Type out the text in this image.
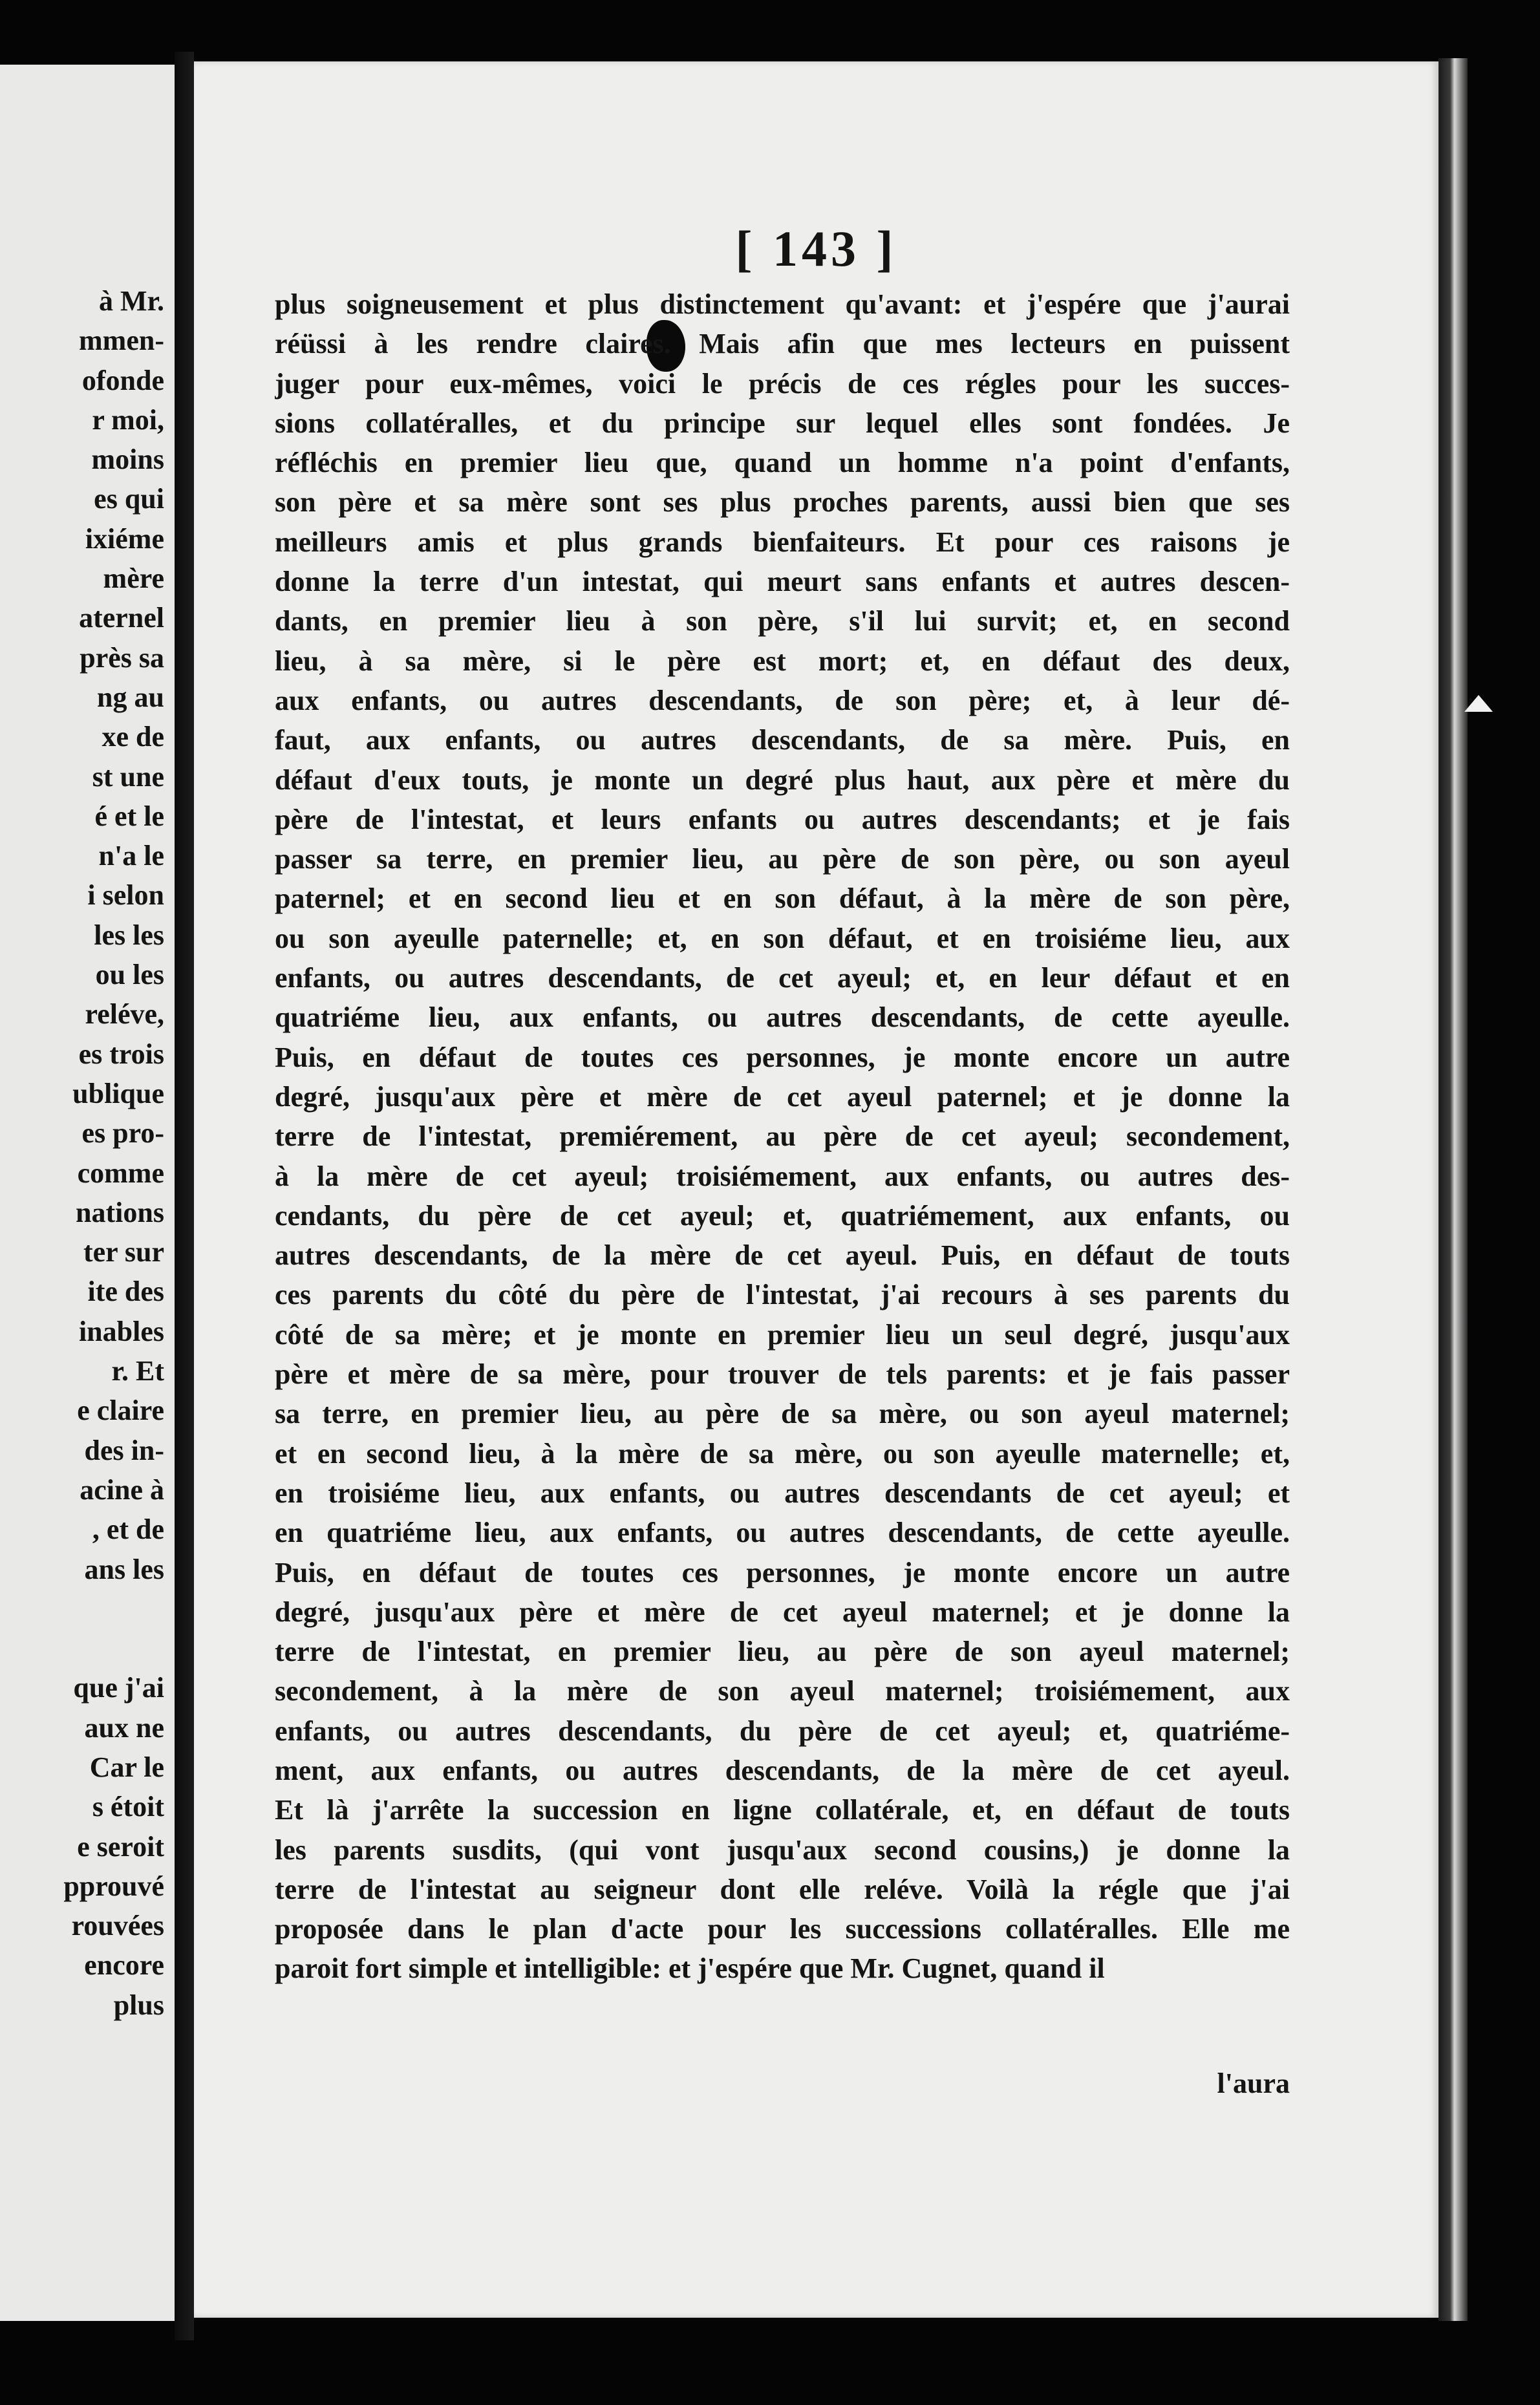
à Mr.
mmen-
ofonde
r moi,
moins
es qui
ixiéme
mère
aternel
près sa
ng au
xe de
st une
é et le
n'a le
i selon
les les
ou les
reléve,
es trois
ublique
es pro-
comme
nations
ter sur
ite des
inables
r. Et
e claire
des in-
acine à
, et de
ans les
que j'ai
aux ne
Car le
s étoit
e seroit
pprouvé
rouvées
encore
plus
[ 143 ]
plus soigneusement et plus distinctement qu'avant: et j'espére que j'aurai
réüssi à les rendre claires. Mais afin que mes lecteurs en puissent
juger pour eux-mêmes, voici le précis de ces régles pour les succes-
sions collatéralles, et du principe sur lequel elles sont fondées. Je
réfléchis en premier lieu que, quand un homme n'a point d'enfants,
son père et sa mère sont ses plus proches parents, aussi bien que ses
meilleurs amis et plus grands bienfaiteurs. Et pour ces raisons je
donne la terre d'un intestat, qui meurt sans enfants et autres descen-
dants, en premier lieu à son père, s'il lui survit; et, en second
lieu, à sa mère, si le père est mort; et, en défaut des deux,
aux enfants, ou autres descendants, de son père; et, à leur dé-
faut, aux enfants, ou autres descendants, de sa mère. Puis, en
défaut d'eux touts, je monte un degré plus haut, aux père et mère du
père de l'intestat, et leurs enfants ou autres descendants; et je fais
passer sa terre, en premier lieu, au père de son père, ou son ayeul
paternel; et en second lieu et en son défaut, à la mère de son père,
ou son ayeulle paternelle; et, en son défaut, et en troisiéme lieu, aux
enfants, ou autres descendants, de cet ayeul; et, en leur défaut et en
quatriéme lieu, aux enfants, ou autres descendants, de cette ayeulle.
Puis, en défaut de toutes ces personnes, je monte encore un autre
degré, jusqu'aux père et mère de cet ayeul paternel; et je donne la
terre de l'intestat, premiérement, au père de cet ayeul; secondement,
à la mère de cet ayeul; troisiémement, aux enfants, ou autres des-
cendants, du père de cet ayeul; et, quatriémement, aux enfants, ou
autres descendants, de la mère de cet ayeul. Puis, en défaut de touts
ces parents du côté du père de l'intestat, j'ai recours à ses parents du
côté de sa mère; et je monte en premier lieu un seul degré, jusqu'aux
père et mère de sa mère, pour trouver de tels parents: et je fais passer
sa terre, en premier lieu, au père de sa mère, ou son ayeul maternel;
et en second lieu, à la mère de sa mère, ou son ayeulle maternelle; et,
en troisiéme lieu, aux enfants, ou autres descendants de cet ayeul; et
en quatriéme lieu, aux enfants, ou autres descendants, de cette ayeulle.
Puis, en défaut de toutes ces personnes, je monte encore un autre
degré, jusqu'aux père et mère de cet ayeul maternel; et je donne la
terre de l'intestat, en premier lieu, au père de son ayeul maternel;
secondement, à la mère de son ayeul maternel; troisiémement, aux
enfants, ou autres descendants, du père de cet ayeul; et, quatriéme-
ment, aux enfants, ou autres descendants, de la mère de cet ayeul.
Et là j'arrête la succession en ligne collatérale, et, en défaut de touts
les parents susdits, (qui vont jusqu'aux second cousins,) je donne la
terre de l'intestat au seigneur dont elle reléve. Voilà la régle que j'ai
proposée dans le plan d'acte pour les successions collatéralles. Elle me
paroit fort simple et intelligible: et j'espére que Mr. Cugnet, quand il
l'aura
